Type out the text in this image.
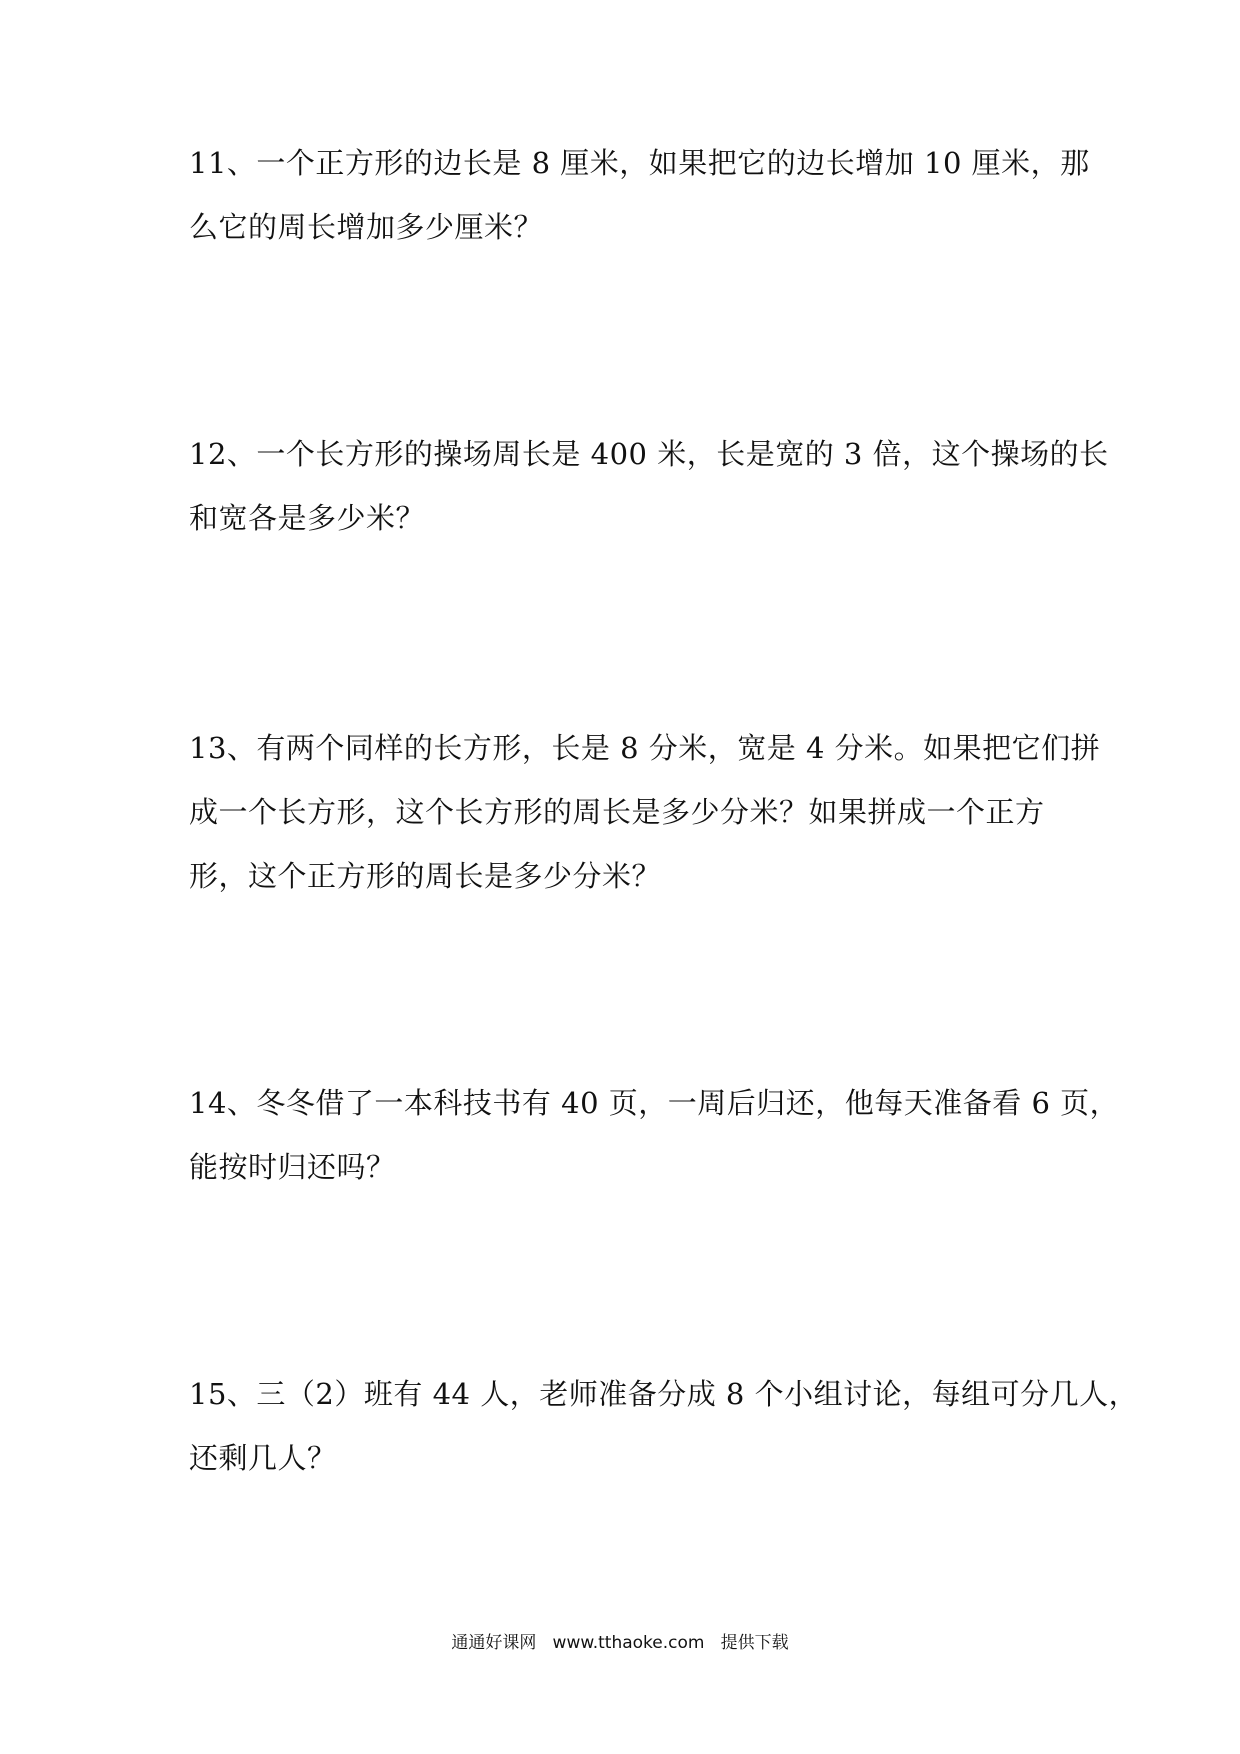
11、一个正方形的边长是 8 厘米，如果把它的边长增加 10 厘米，那
么它的周长增加多少厘米？
12、一个长方形的操场周长是 400 米，长是宽的 3 倍，这个操场的长
和宽各是多少米？
13、有两个同样的长方形，长是 8 分米，宽是 4 分米。如果把它们拼
成一个长方形，这个长方形的周长是多少分米？如果拼成一个正方
形，这个正方形的周长是多少分米？
14、冬冬借了一本科技书有 40 页，一周后归还，他每天准备看 6 页，
能按时归还吗？
15、三（2）班有 44 人，老师准备分成 8 个小组讨论，每组可分几人，
还剩几人？
通通好课网   www.tthaoke.com   提供下载
